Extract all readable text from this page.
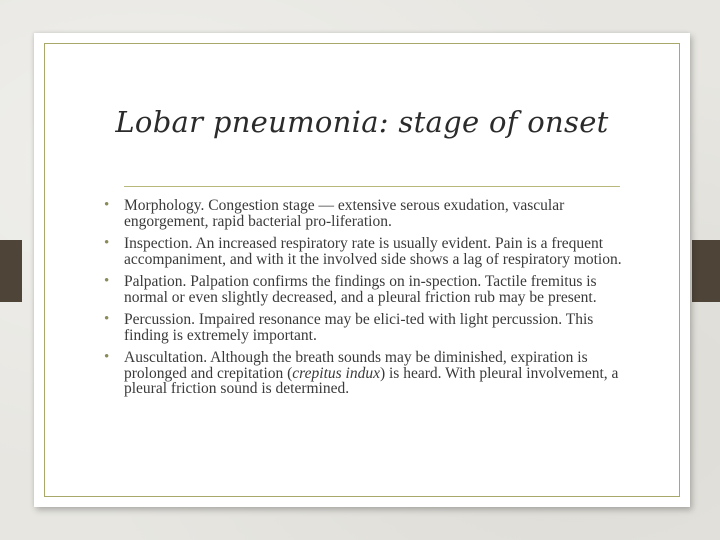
Lobar pneumonia: stage of onset
• Morphology. Congestion stage — extensive serous exudation, vascular engorgement, rapid bacterial pro-liferation.
• Inspection. An increased respiratory rate is usually evident. Pain is a frequent accompaniment, and with it the involved side shows a lag of respiratory motion.
• Palpation. Palpation confirms the findings on in-spection. Tactile fremitus is normal or even slightly decreased, and a pleural friction rub may be present.
• Percussion. Impaired resonance may be elici-ted with light percussion. This finding is extremely important.
• Auscultation. Although the breath sounds may be diminished, expiration is prolonged and crepitation (crepitus indux) is heard. With pleural involvement, a pleural friction sound is determined.
